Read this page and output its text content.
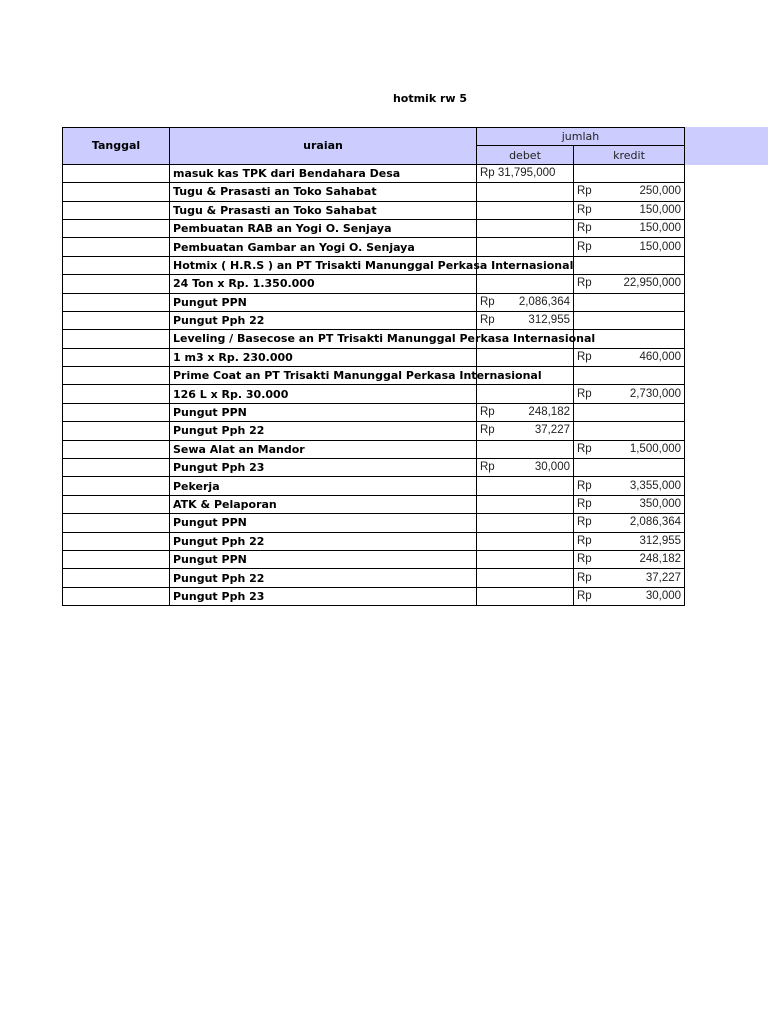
hotmik rw 5
Tanggal	uraian	jumlah	
		debet	kredit
	masuk kas TPK dari Bendahara Desa	Rp 31,795,000	
	Tugu & Prasasti an Toko Sahabat		Rp 250,000

	Tugu & Prasasti an Toko Sahabat		Rp 150,000

	Pembuatan RAB an Yogi O. Senjaya		Rp 150,000

	Pembuatan Gambar an Yogi O. Senjaya		Rp 150,000

	Hotmix ( H.R.S ) an PT Trisakti Manunggal Perkasa Internasional		
	24 Ton x Rp. 1.350.000		Rp 22,950,000

	Pungut PPN	Rp 2,086,364	

	Pungut Pph 22	Rp 312,955	

	Leveling / Basecose an PT Trisakti Manunggal Perkasa Internasional		
	1 m3 x Rp. 230.000		Rp 460,000

	Prime Coat an PT Trisakti Manunggal Perkasa Internasional		
	126 L x Rp. 30.000		Rp 2,730,000

	Pungut PPN	Rp 248,182	

	Pungut Pph 22	Rp 37,227	

	Sewa Alat an Mandor		Rp 1,500,000

	Pungut Pph 23	Rp 30,000	

	Pekerja		Rp 3,355,000

	ATK & Pelaporan		Rp 350,000

	Pungut PPN		Rp 2,086,364

	Pungut Pph 22		Rp 312,955

	Pungut PPN		Rp 248,182

	Pungut Pph 22		Rp 37,227

	Pungut Pph 23		Rp 30,000
